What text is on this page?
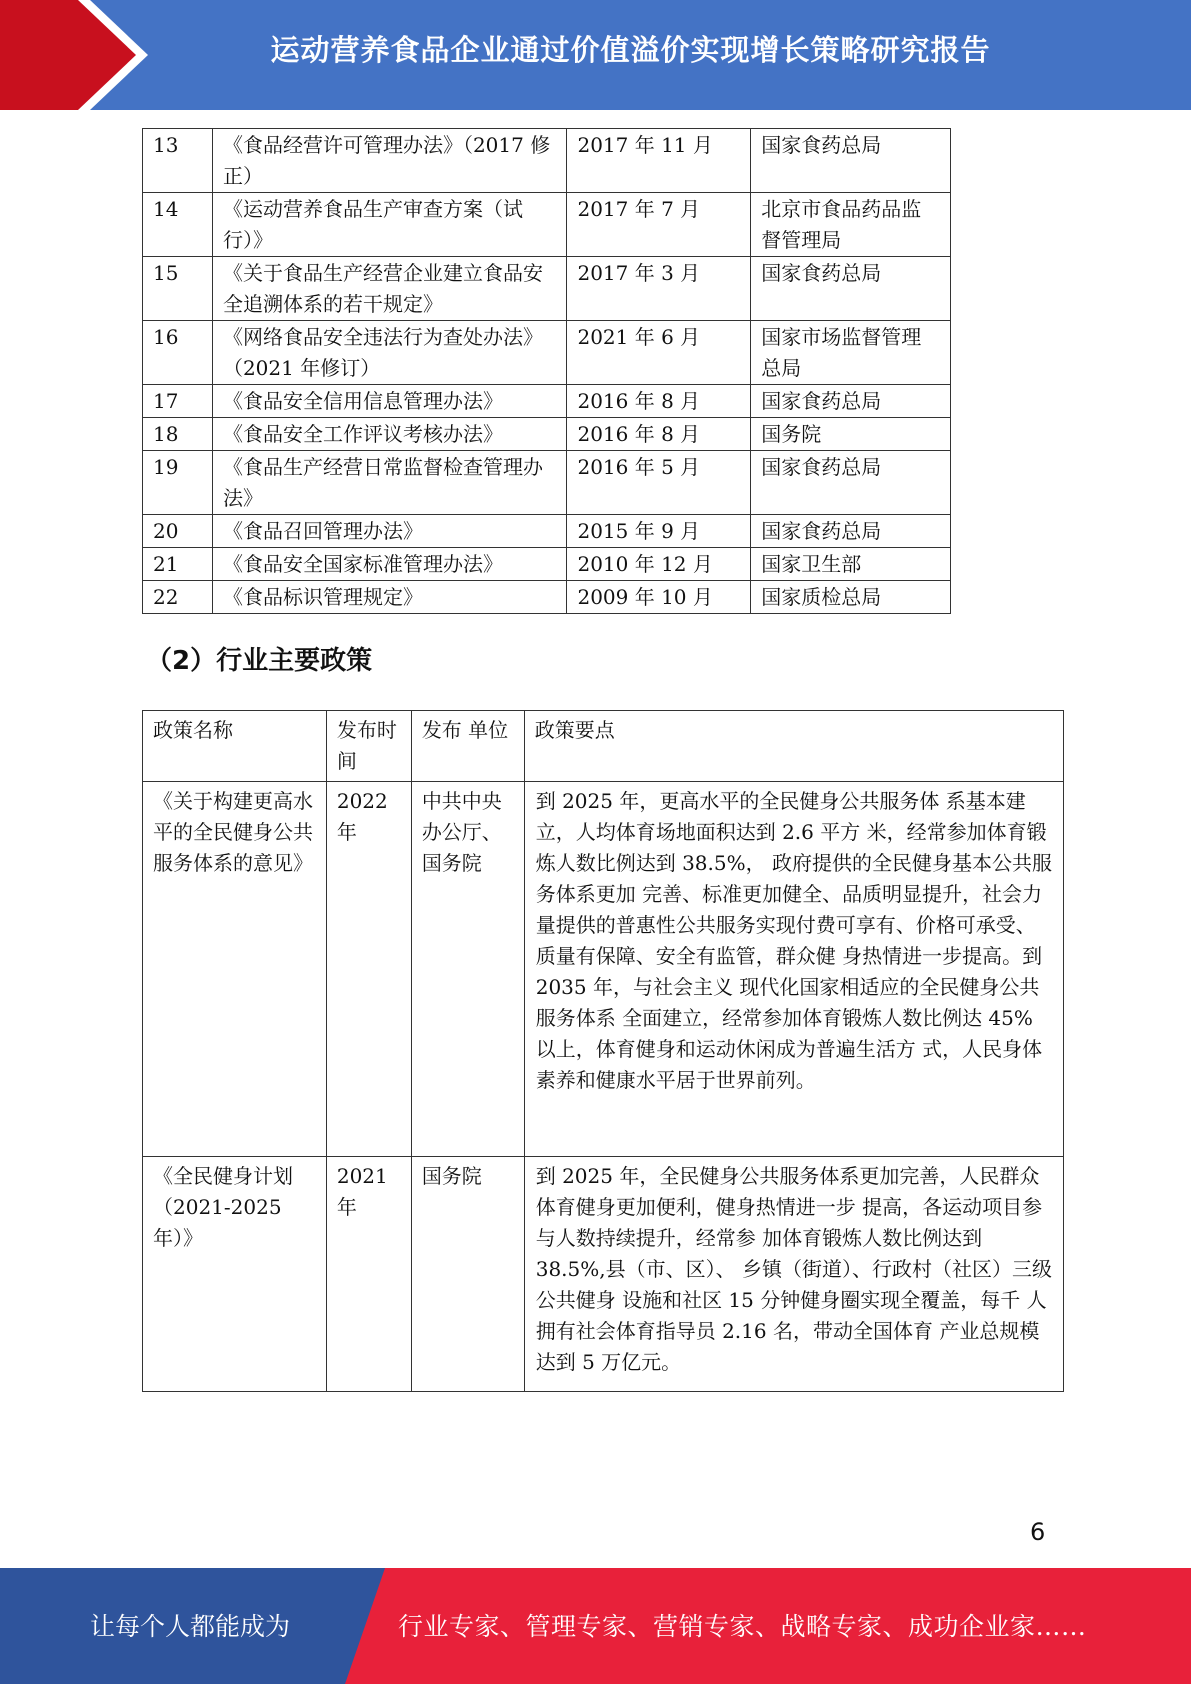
运动营养食品企业通过价值溢价实现增长策略研究报告
13	《食品经营许可管理办法》（2017 修正）	2017 年 11 月	国家食药总局
14	《运动营养食品生产审查方案（试行）》	2017 年 7 月	北京市食品药品监督管理局
15	《关于食品生产经营企业建立食品安全追溯体系的若干规定》	2017 年 3 月	国家食药总局
16	《网络食品安全违法行为查处办法》 （2021 年修订）	2021 年 6 月	国家市场监督管理总局
17	《食品安全信用信息管理办法》	2016 年 8 月	国家食药总局
18	《食品安全工作评议考核办法》	2016 年 8 月	国务院
19	《食品生产经营日常监督检查管理办法》	2016 年 5 月	国家食药总局
20	《食品召回管理办法》	2015 年 9 月	国家食药总局
21	《食品安全国家标准管理办法》	2010 年 12 月	国家卫生部
22	《食品标识管理规定》	2009 年 10 月	国家质检总局
（2）行业主要政策
政策名称	发布时间	发布 单位	政策要点
《关于构建更高水平的全民健身公共服务体系的意见》	2022 年	中共中央办公厅、国务院	到 2025 年，更高水平的全民健身公共服务体 系基本建立，人均体育场地面积达到 2.6 平方 米，经常参加体育锻炼人数比例达到 38.5%， 政府提供的全民健身基本公共服务体系更加 完善、标准更加健全、品质明显提升，社会力 量提供的普惠性公共服务实现付费可享有、价格可承受、质量有保障、安全有监管，群众健 身热情进一步提高。到 2035 年，与社会主义 现代化国家相适应的全民健身公共服务体系 全面建立，经常参加体育锻炼人数比例达 45% 以上，体育健身和运动休闲成为普遍生活方 式，人民身体素养和健康水平居于世界前列。
《全民健身计划（2021-2025 年）》	2021 年	国务院	到 2025 年，全民健身公共服务体系更加完善，人民群众体育健身更加便利，健身热情进一步 提高，各运动项目参与人数持续提升，经常参 加体育锻炼人数比例达到 38.5%,县（市、区）、 乡镇（街道）、行政村（社区）三级公共健身 设施和社区 15 分钟健身圈实现全覆盖，每千 人拥有社会体育指导员 2.16 名，带动全国体育 产业总规模达到 5 万亿元。
6
让每个人都能成为	行业专家、管理专家、营销专家、战略专家、成功企业家……
